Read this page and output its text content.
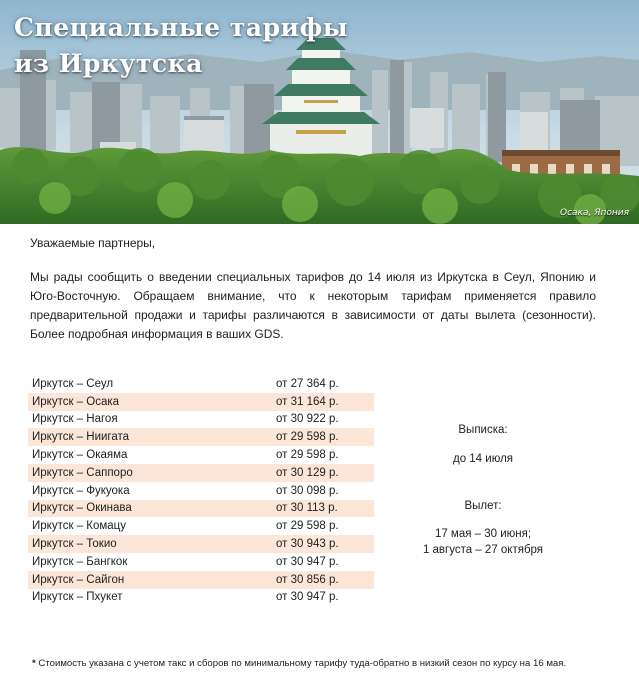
Специальные тарифы
из Иркутска
Осака, Япония
Уважаемые партнеры,

Мы рады сообщить о введении специальных тарифов до 14 июля из Иркутска в Сеул, Японию и Юго-Восточную. Обращаем внимание, что к некоторым тарифам применяется правило предварительной продажи и тарифы различаются в зависимости от даты вылета (сезонности). Более подробная информация в ваших GDS.

Иркутск – Сеул	от 27 364 р.
Иркутск – Осака	от 31 164 р.
Иркутск – Нагоя	от 30 922 р.
Иркутск – Ниигата	от 29 598 р.
Иркутск – Окаяма	от 29 598 р.
Иркутск – Саппоро	от 30 129 р.
Иркутск – Фукуока	от 30 098 р.
Иркутск – Окинава	от 30 113 р.
Иркутск – Комацу	от 29 598 р.
Иркутск – Токио	от 30 943 р.
Иркутск – Бангкок	от 30 947 р.
Иркутск – Сайгон	от 30 856 р.
Иркутск – Пхукет	от 30 947 р.
Выписка:
до 14 июля
Вылет:
17 мая – 30 июня;
1 августа – 27 октября
* Стоимость указана с учетом такс и сборов по минимальному тарифу туда-обратно в низкий сезон по курсу на 16 мая.
